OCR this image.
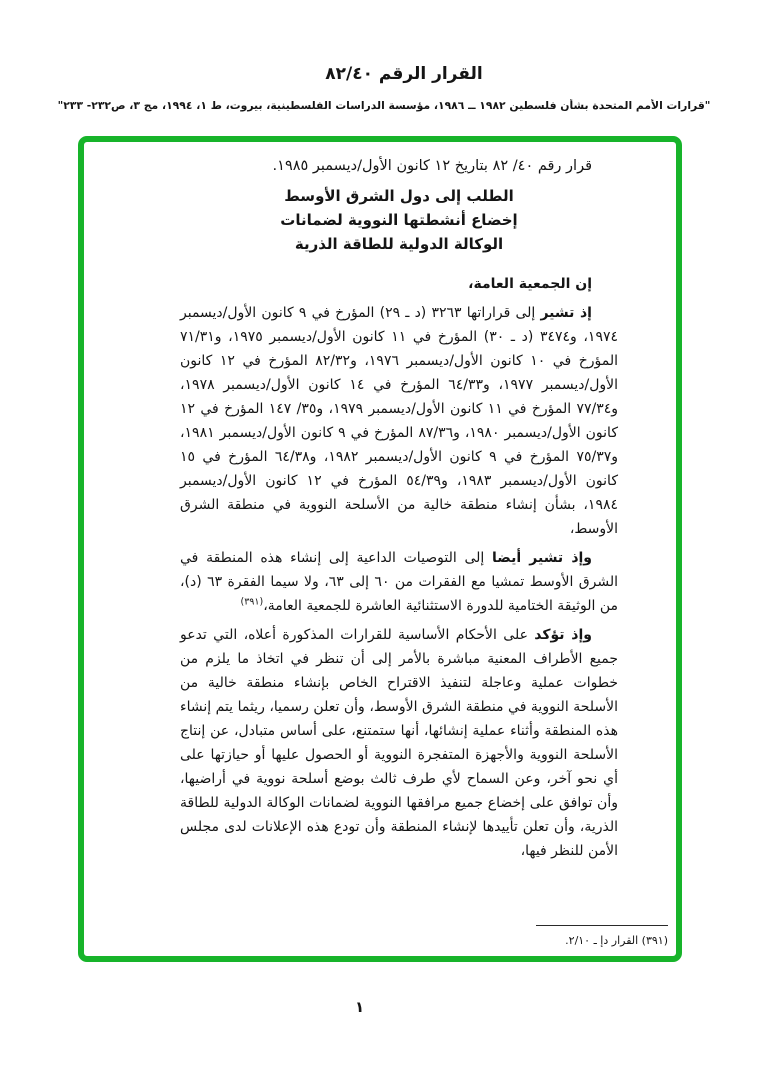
القرار الرقم ٨٢/٤٠
"قرارات الأمم المتحدة بشأن فلسطين ١٩٨٢ ــ ١٩٨٦، مؤسسة الدراسات الفلسطينية، بيروت، ط ١، ١٩٩٤، مج ٣، ص٢٣٢- ٢٣٣"
قرار رقم ٤٠/ ٨٢ بتاريخ ١٢ كانون الأول/ديسمبر ١٩٨٥.
الطلب إلى دول الشرق الأوسط
إخضاع أنشطتها النووية لضمانات
الوكالة الدولية للطاقة الذرية

إن الجمعية العامة،

إذ تشير إلى قراراتها ٣٢٦٣ (د ـ ٢٩) المؤرخ في ٩ كانون الأول/ديسمبر ١٩٧٤، و٣٤٧٤ (د ـ ٣٠) المؤرخ في ١١ كانون الأول/ديسمبر ١٩٧٥، و٧١/٣١ المؤرخ في ١٠ كانون الأول/ديسمبر ١٩٧٦، و٨٢/٣٢ المؤرخ في ١٢ كانون الأول/ديسمبر ١٩٧٧، و٦٤/٣٣ المؤرخ في ١٤ كانون الأول/ديسمبر ١٩٧٨، و٧٧/٣٤ المؤرخ في ١١ كانون الأول/ديسمبر ١٩٧٩، و٣٥/ ١٤٧ المؤرخ في ١٢ كانون الأول/ديسمبر ١٩٨٠، و٨٧/٣٦ المؤرخ في ٩ كانون الأول/ديسمبر ١٩٨١، و٧٥/٣٧ المؤرخ في ٩ كانون الأول/ديسمبر ١٩٨٢، و٦٤/٣٨ المؤرخ في ١٥ كانون الأول/ديسمبر ١٩٨٣، و٥٤/٣٩ المؤرخ في ١٢ كانون الأول/ديسمبر ١٩٨٤، بشأن إنشاء منطقة خالية من الأسلحة النووية في منطقة الشرق الأوسط،

وإذ تشير أيضا إلى التوصيات الداعية إلى إنشاء هذه المنطقة في الشرق الأوسط تمشيا مع الفقرات من ٦٠ إلى ٦٣، ولا سيما الفقرة ٦٣ (د)، من الوثيقة الختامية للدورة الاستثنائية العاشرة للجمعية العامة،$^{(٣٩١)}$

وإذ تؤكد على الأحكام الأساسية للقرارات المذكورة أعلاه، التي تدعو جميع الأطراف المعنية مباشرة بالأمر إلى أن تنظر في اتخاذ ما يلزم من خطوات عملية وعاجلة لتنفيذ الاقتراح الخاص بإنشاء منطقة خالية من الأسلحة النووية في منطقة الشرق الأوسط، وأن تعلن رسميا، ريثما يتم إنشاء هذه المنطقة وأثناء عملية إنشائها، أنها ستمتنع، على أساس متبادل، عن إنتاج الأسلحة النووية والأجهزة المتفجرة النووية أو الحصول عليها أو حيازتها على أي نحو آخر، وعن السماح لأي طرف ثالث بوضع أسلحة نووية في أراضيها، وأن توافق على إخضاع جميع مرافقها النووية لضمانات الوكالة الدولية للطاقة الذرية، وأن تعلن تأييدها لإنشاء المنطقة وأن تودع هذه الإعلانات لدى مجلس الأمن للنظر فيها،

(٣٩١) القرار دإ ـ ٢/١٠.
١
